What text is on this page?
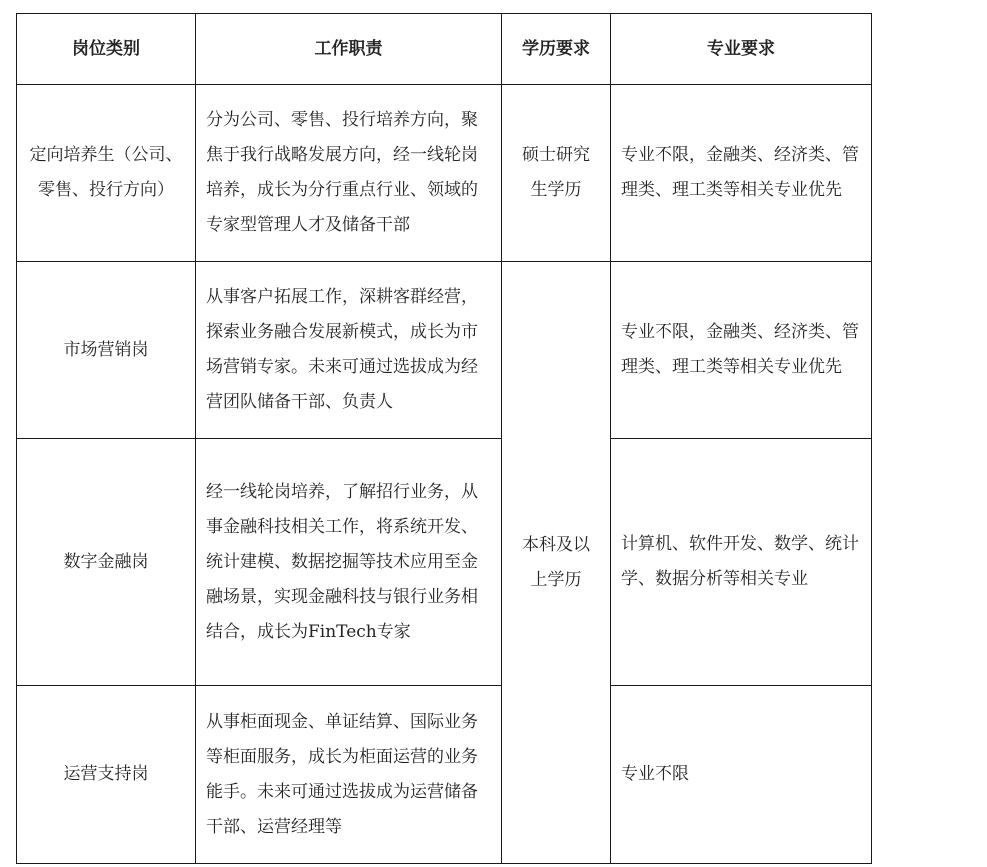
岗位类别	工作职责	学历要求	专业要求
定向培养生（公司、零售、投行方向）	分为公司、零售、投行培养方向，聚焦于我行战略发展方向，经一线轮岗培养，成长为分行重点行业、领域的专家型管理人才及储备干部	硕士研究生学历	专业不限，金融类、经济类、管理类、理工类等相关专业优先
市场营销岗	从事客户拓展工作，深耕客群经营，探索业务融合发展新模式，成长为市场营销专家。未来可通过选拔成为经营团队储备干部、负责人	本科及以上学历	专业不限，金融类、经济类、管理类、理工类等相关专业优先
数字金融岗	经一线轮岗培养，了解招行业务，从事金融科技相关工作，将系统开发、统计建模、数据挖掘等技术应用至金融场景，实现金融科技与银行业务相结合，成长为FinTech专家		计算机、软件开发、数学、统计学、数据分析等相关专业
运营支持岗	从事柜面现金、单证结算、国际业务等柜面服务，成长为柜面运营的业务能手。未来可通过选拔成为运营储备干部、运营经理等		专业不限
